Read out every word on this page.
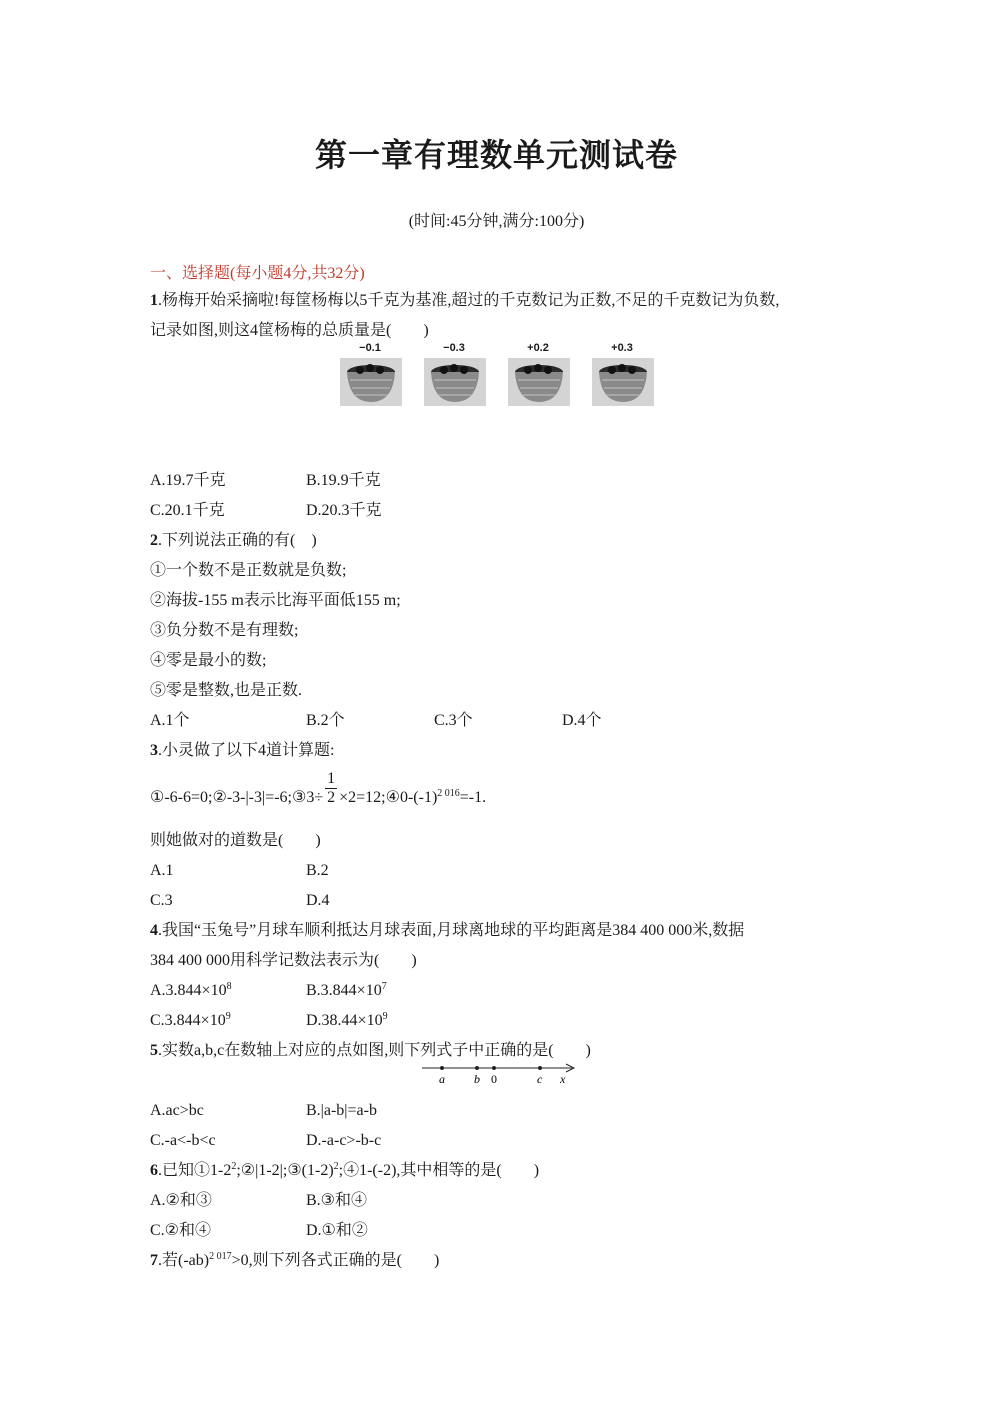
第一章有理数单元测试卷
(时间:45分钟,满分:100分)
一、选择题(每小题4分,共32分)
1.杨梅开始采摘啦!每筐杨梅以5千克为基准,超过的千克数记为正数,不足的千克数记为负数,
记录如图,则这4筐杨梅的总质量是(　　)
−0.1	−0.3	+0.2	+0.3
A.19.7千克	B.19.9千克
C.20.1千克	D.20.3千克
2.下列说法正确的有(　)
①一个数不是正数就是负数;
②海拔-155 m表示比海平面低155 m;
③负分数不是有理数;
④零是最小的数;
⑤零是整数,也是正数.
A.1个	B.2个	C.3个	D.4个
3.小灵做了以下4道计算题:
①-6-6=0;②-3-|-3|=-6;③3÷ $\frac{1}{2}$ $\times 2=12;④0-(-1)^{2 016}=-1$.
则她做对的道数是(　　)
A.1	B.2
C.3	D.4
4.我国“玉兔号”月球车顺利抵达月球表面,月球离地球的平均距离是384 400 000米,数据
384 400 000用科学记数法表示为(　　)
$A.3.844\times 10^8$	$B.3.844\times 10^7$
$C.3.844\times 10^9$	$D.38.44\times 10^9$
5.实数a,b,c在数轴上对应的点如图,则下列式子中正确的是(　　)
a b 0	c x
A.ac>bc	B.|a-b|=a-b
C.-a<-b<c	D.-a-c>-b-c
6.已知$①1-2^2;②|1-2|;③(1-2)^2;④1-(-2)$,其中相等的是(　　)
A.②和③	B.③和④
C.②和④	D.①和②
7.若$(-ab)^{2 017}>0$,则下列各式正确的是(　　)
